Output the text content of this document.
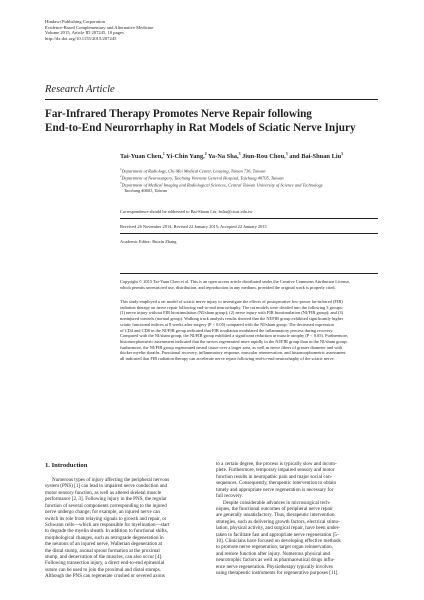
Hindawi Publishing Corporation
Evidence-Based Complementary and Alternative Medicine
Volume 2015, Article ID 207245, 10 pages
http://dx.doi.org/10.1155/2015/207245
Research Article
Far-Infrared Therapy Promotes Nerve Repair following
End-to-End Neurorrhaphy in Rat Models of Sciatic Nerve Injury
Tai-Yuan Chen,$^1$ Yi-Chin Yang,$^2$ Ya-Na Sha,$^3$ Jiun-Rou Chou,$^3$ and Bai-Shuan Liu$^3$
$^1$Department of Radiology, Chi-Mei Medical Center, Liouying, Tainan 736, Taiwan
$^2$Department of Neurosurgery, Taichung Veterans General Hospital, Taichung 40705, Taiwan
$^3$Department of Medical Imaging and Radiological Sciences, Central Taiwan University of Science and Technology
Taichung 40601, Taiwan
Correspondence should be addressed to Bai-Shuan Liu; bsliu@ctust.edu.tw
Received 26 November 2014; Revised 22 January 2015; Accepted 22 January 2015
Academic Editor: Ruixin Zhang
Copyright © 2015 Tai-Yuan Chen et al. This is an open access article distributed under the Creative Commons Attribution License,
which permits unrestricted use, distribution, and reproduction in any medium, provided the original work is properly cited.
This study employed a rat model of sciatic nerve injury to investigate the effects of postoperative low-power far-infrared (FIR)
radiation therapy on nerve repair following end-to-end neurorrhaphy. The rat models were divided into the following 3 groups:
(1) nerve injury without FIR biostimulation (NI/sham group); (2) nerve injury with FIR biostimulation (NI/FIR group); and (3)
noninjured controls (normal group). Walking track analysis results showed that the NI/FIR group exhibited significantly higher
sciatic functional indices at 8 weeks after surgery (P < 0.05) compared with the NI/sham group. The decreased expression
of CD4 and CD8 in the NI/FIR group indicated that FIR irradiation modulated the inflammatory process during recovery.
Compared with the NI/sham group, the NI/FIR group exhibited a significant reduction in muscle atrophy (P < 0.05). Furthermore,
histomorphometric assessment indicated that the nerves regenerated more rapidly in the NI/FIR group than in the NI/sham group;
furthermore, the NI/FIR group regenerated neural tissue over a larger area, as well as nerve fibers of greater diameter and with
thicker myelin sheaths. Functional recovery, inflammatory response, muscular reinnervation, and histomorphometric assessment
all indicated that FIR radiation therapy can accelerate nerve repair following end-to-end neurorrhaphy of the sciatic nerve.
1. Introduction
Numerous types of injury affecting the peripheral nervous
system (PNS) [1] can lead to impaired nerve conduction and
motor sensory function, as well as altered skeletal muscle
performance [2, 3]. Following injury in the PNS, the regular
function of several components corresponding to the injured
nerve undergo change; for example, an injured nerve can
switch its role from relaying signals to growth and repair, or
Schwann cells—which are responsible for myelination—start
to degrade the myelin sheath. In addition to functional shifts,
morphological changes, such as retrograde degeneration in
the neurons of an injured nerve, Wallerian degeneration at
the distal stump, axonal sprout formation at the proximal
stump, and denervation of the muscles, can also occur [4].
Following transection injury, a direct end-to-end epineurial
suture can be used to join the proximal and distal stumps.
Although the PNS can regenerate crushed or severed axons
to a certain degree, the process is typically slow and incom-
plete. Furthermore, temporary impaired sensory and motor
function results in neuropathic pain and major social con-
sequences. Consequently, therapeutic intervention to obtain
timely and appropriate nerve regeneration is necessary for
full recovery.
Despite considerable advances in microsurgical tech-
niques, the functional outcomes of peripheral nerve repair
are generally unsatisfactory. Thus, therapeutic intervention
strategies, such as delivering growth factors, electrical stimu-
lation, physical activity, and surgical repair, have been under-
taken to facilitate fast and appropriate nerve regeneration [5–
10]. Clinicians have focused on developing effective methods
to promote nerve regeneration, target organ reinnervation,
and restore function after injury. Numerous physical and
neurotrophic factors as well as pharmaceutical drugs influ-
ence nerve regeneration. Physiotherapy typically involves
using therapeutic instruments for regenerative purposes [11].
